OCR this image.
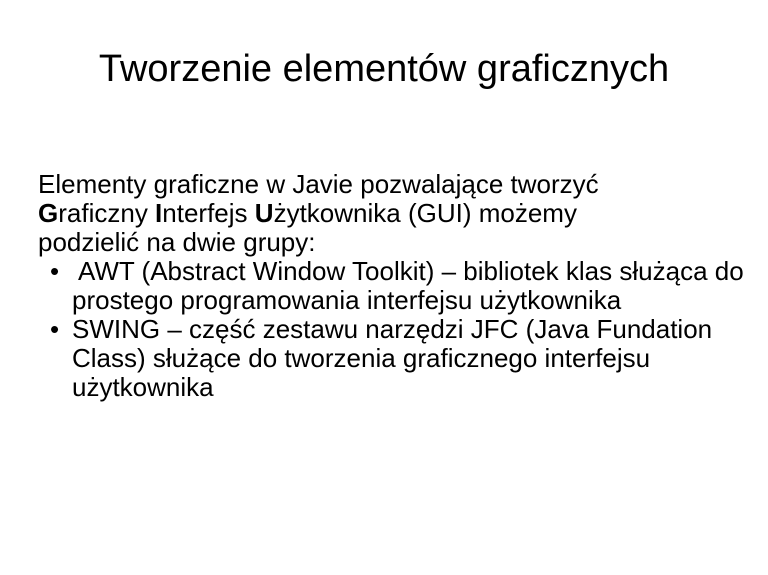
Tworzenie elementów graficznych

Elementy graficzne w Javie pozwalające tworzyć
Graficzny Interfejs Użytkownika (GUI) możemy
podzielić na dwie grupy:

• AWT (Abstract Window Toolkit) – bibliotek klas służąca do prostego programowania interfejsu użytkownika
• SWING – część zestawu narzędzi JFC (Java Fundation Class) służące do tworzenia graficznego interfejsu użytkownika
